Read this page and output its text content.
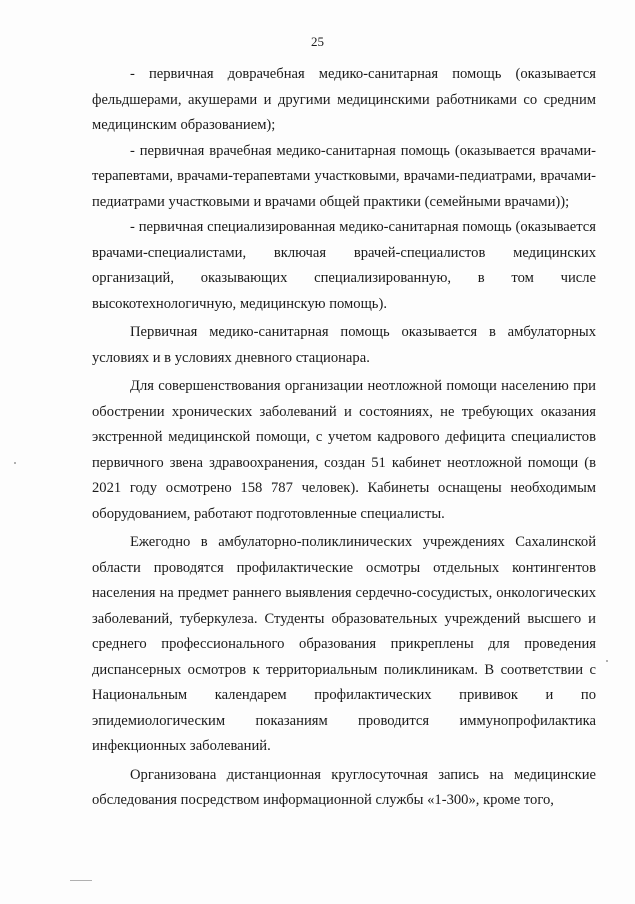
25

- первичная доврачебная медико-санитарная помощь (оказывается фельдшерами, акушерами и другими медицинскими работниками со средним медицинским образованием);

- первичная врачебная медико-санитарная помощь (оказывается врачами-терапевтами, врачами-терапевтами участковыми, врачами-педиатрами, врачами-педиатрами участковыми и врачами общей практики (семейными врачами));

- первичная специализированная медико-санитарная помощь (оказывается врачами-специалистами, включая врачей-специалистов медицинских организаций, оказывающих специализированную, в том числе высокотехнологичную, медицинскую помощь).

Первичная медико-санитарная помощь оказывается в амбулаторных условиях и в условиях дневного стационара.

Для совершенствования организации неотложной помощи населению при обострении хронических заболеваний и состояниях, не требующих оказания экстренной медицинской помощи, с учетом кадрового дефицита специалистов первичного звена здравоохранения, создан 51 кабинет неотложной помощи (в 2021 году осмотрено 158 787 человек). Кабинеты оснащены необходимым оборудованием, работают подготовленные специалисты.

Ежегодно в амбулаторно-поликлинических учреждениях Сахалинской области проводятся профилактические осмотры отдельных контингентов населения на предмет раннего выявления сердечно-сосудистых, онкологических заболеваний, туберкулеза. Студенты образовательных учреждений высшего и среднего профессионального образования прикреплены для проведения диспансерных осмотров к территориальным поликлиникам. В соответствии с Национальным календарем профилактических прививок и по эпидемиологическим показаниям проводится иммунопрофилактика инфекционных заболеваний.

Организована дистанционная круглосуточная запись на медицинские обследования посредством информационной службы «1-300», кроме того,
